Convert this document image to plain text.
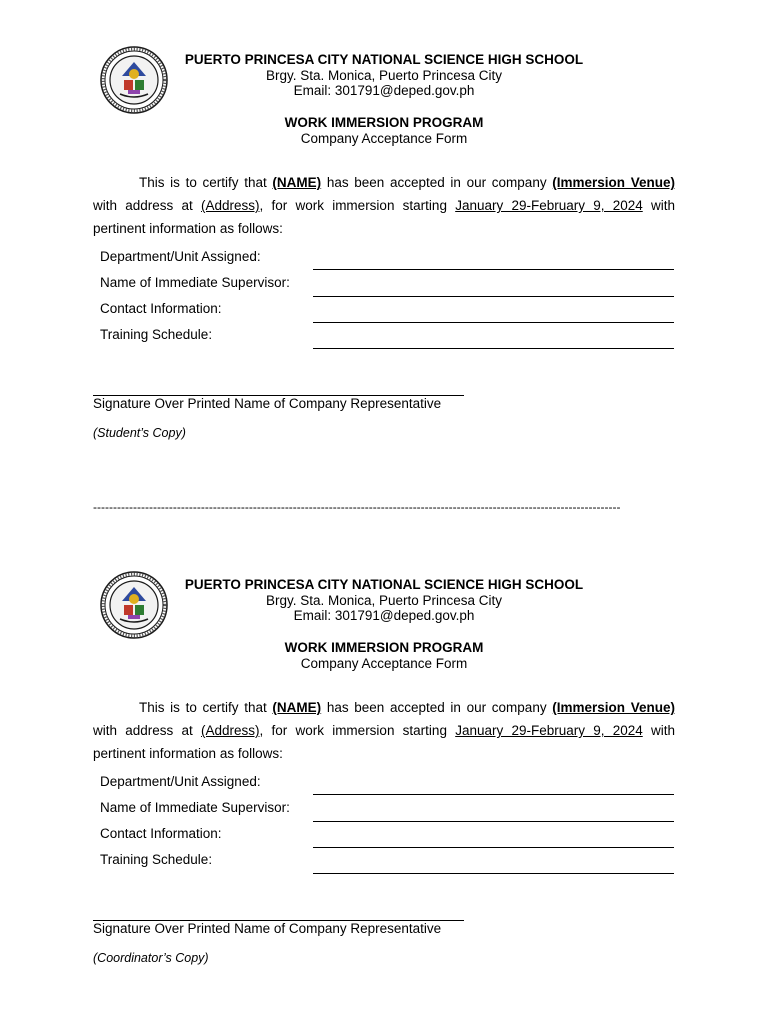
PUERTO PRINCESA CITY NATIONAL SCIENCE HIGH SCHOOL
Brgy. Sta. Monica, Puerto Princesa City
Email: 301791@deped.gov.ph
WORK IMMERSION PROGRAM
Company Acceptance Form

This is to certify that (NAME) has been accepted in our company (Immersion Venue) with address at (Address), for work immersion starting January 29-February 9, 2024 with pertinent information as follows:

Department/Unit Assigned:
Name of Immediate Supervisor:
Contact Information:
Training Schedule:
Signature Over Printed Name of Company Representative
(Student’s Copy)
------------------------------------------------------------------------------------------------------------------------------------
PUERTO PRINCESA CITY NATIONAL SCIENCE HIGH SCHOOL
Brgy. Sta. Monica, Puerto Princesa City
Email: 301791@deped.gov.ph
WORK IMMERSION PROGRAM
Company Acceptance Form

This is to certify that (NAME) has been accepted in our company (Immersion Venue) with address at (Address), for work immersion starting January 29-February 9, 2024 with pertinent information as follows:

Department/Unit Assigned:
Name of Immediate Supervisor:
Contact Information:
Training Schedule:
Signature Over Printed Name of Company Representative
(Coordinator’s Copy)
